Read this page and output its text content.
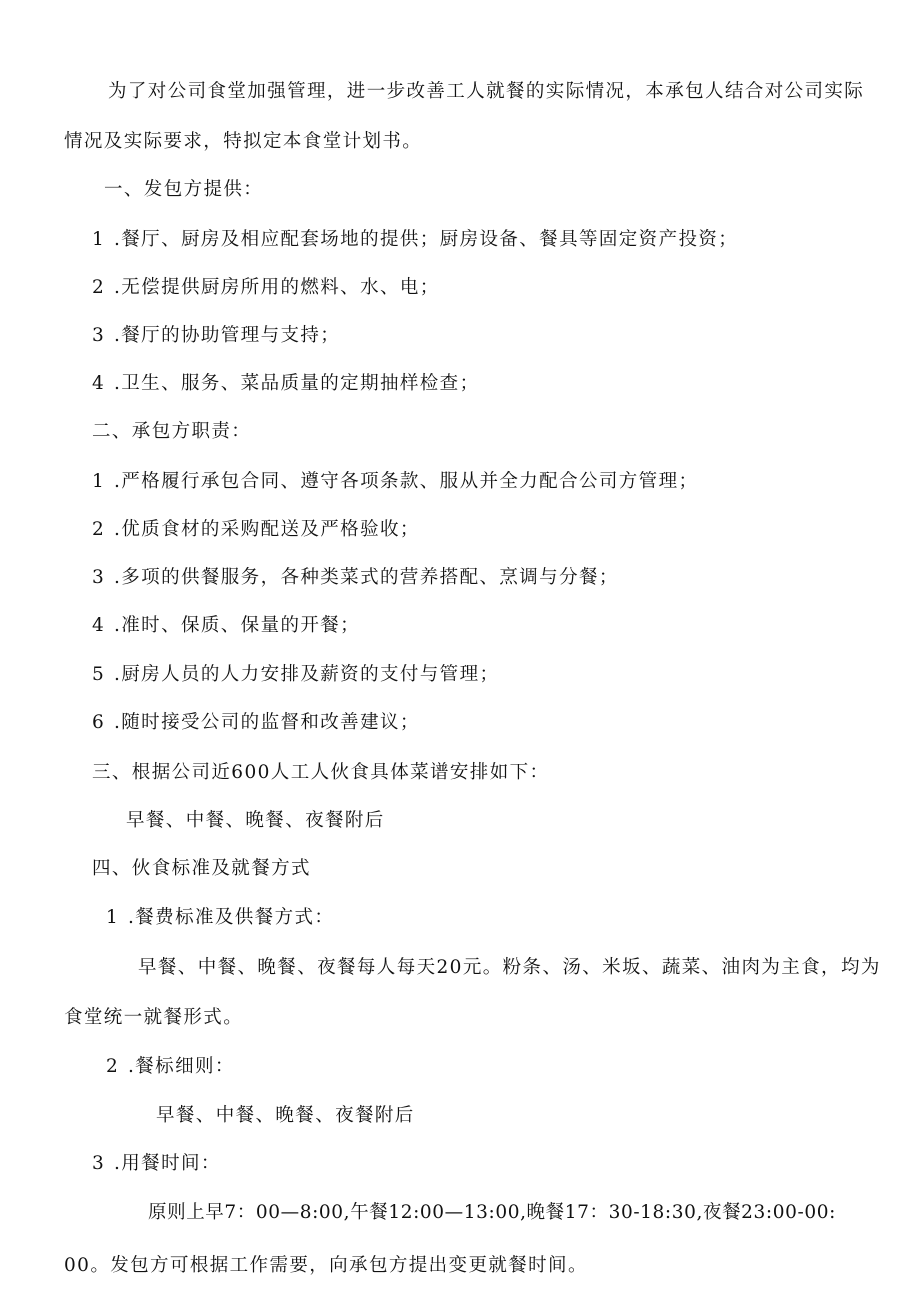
为了对公司食堂加强管理，进一步改善工人就餐的实际情况，本承包人结合对公司实际
情况及实际要求，特拟定本食堂计划书。
一、发包方提供：
1 .餐厅、厨房及相应配套场地的提供；厨房设备、餐具等固定资产投资；
2 .无偿提供厨房所用的燃料、水、电；
3 .餐厅的协助管理与支持；
4 .卫生、服务、菜品质量的定期抽样检查；
二、承包方职责：
1 .严格履行承包合同、遵守各项条款、服从并全力配合公司方管理；
2 .优质食材的采购配送及严格验收；
3 .多项的供餐服务，各种类菜式的营养搭配、烹调与分餐；
4 .准时、保质、保量的开餐；
5 .厨房人员的人力安排及薪资的支付与管理；
6 .随时接受公司的监督和改善建议；
三、根据公司近600人工人伙食具体菜谱安排如下：
早餐、中餐、晚餐、夜餐附后
四、伙食标准及就餐方式
1 .餐费标准及供餐方式：
早餐、中餐、晚餐、夜餐每人每天20元。粉条、汤、米坂、蔬菜、油肉为主食，均为
食堂统一就餐形式。
2 .餐标细则：
早餐、中餐、晚餐、夜餐附后
3 .用餐时间：
原则上早7：00—8:00,午餐12:00—13:00,晚餐17：30-18:30,夜餐23:00-00:
00。发包方可根据工作需要，向承包方提出变更就餐时间。
